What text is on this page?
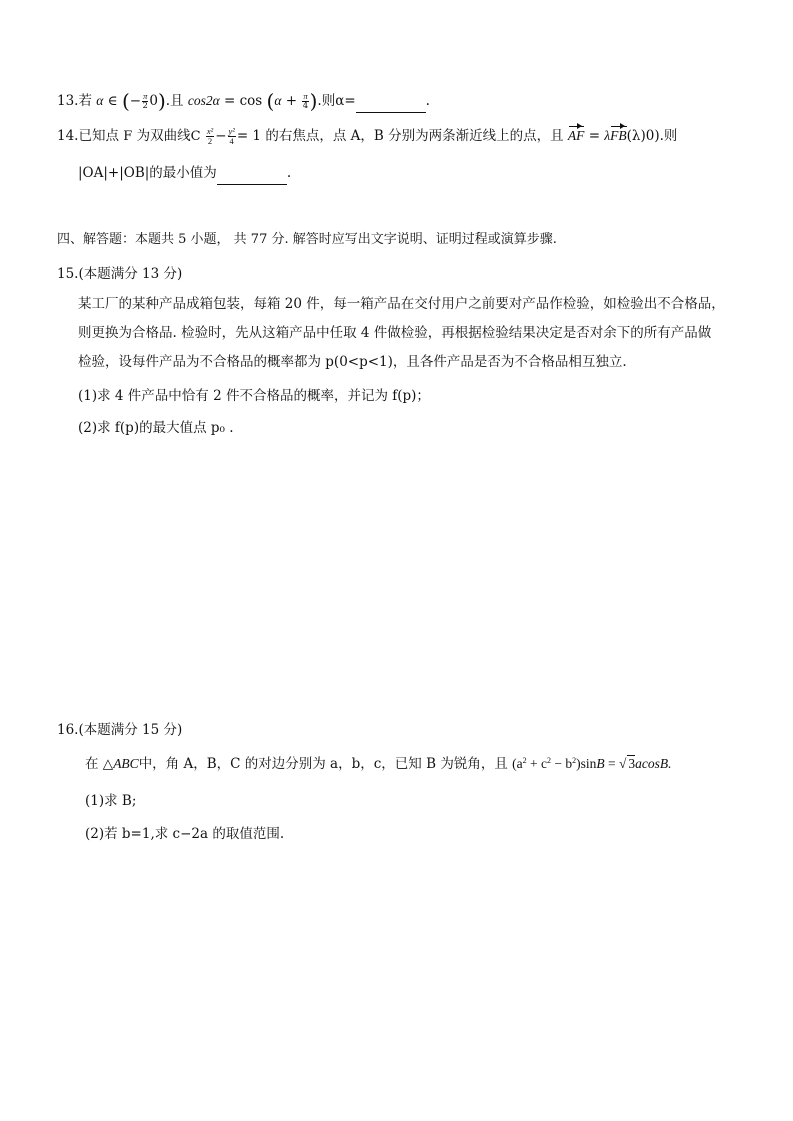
13.若 α ∈ (− $\frac{\pi}{2} 0$).且 $\cos 2\alpha = \cos (\alpha + \frac{\pi}{4}$ ).则α=	.
14.已知点 F 为双曲线C $\frac{\text{x²}}{2} - \frac{\text{y²}}{4} = 1$ 的右焦点，点 A，B 分别为两条渐近线上的点，且 AF = λFB(λ)0).则
|OA|+|OB|的最小值为	.
四、解答题：本题共 5 小题， 共 77 分. 解答时应写出文字说明、证明过程或演算步骤.
15.(本题满分 13 分)
某工厂的某种产品成箱包装，每箱 20 件，每一箱产品在交付用户之前要对产品作检验，如检验出不合格品，
则更换为合格品. 检验时，先从这箱产品中任取 4 件做检验，再根据检验结果决定是否对余下的所有产品做
检验，设每件产品为不合格品的概率都为 p(0<p<1)，且各件产品是否为不合格品相互独立.
(1)求 4 件产品中恰有 2 件不合格品的概率，并记为 f(p)；
(2)求 f(p)的最大值点 p₀ .
16.(本题满分 15 分)
在 △ABC中，角 A，B，C 的对边分别为 a，b，c，已知 B 为锐角，且 $(a^2 + c^2 - b^2)\sin B$ = √ 3acosB.
(1)求 B;
(2)若 b=1,求 c−2a 的取值范围.
